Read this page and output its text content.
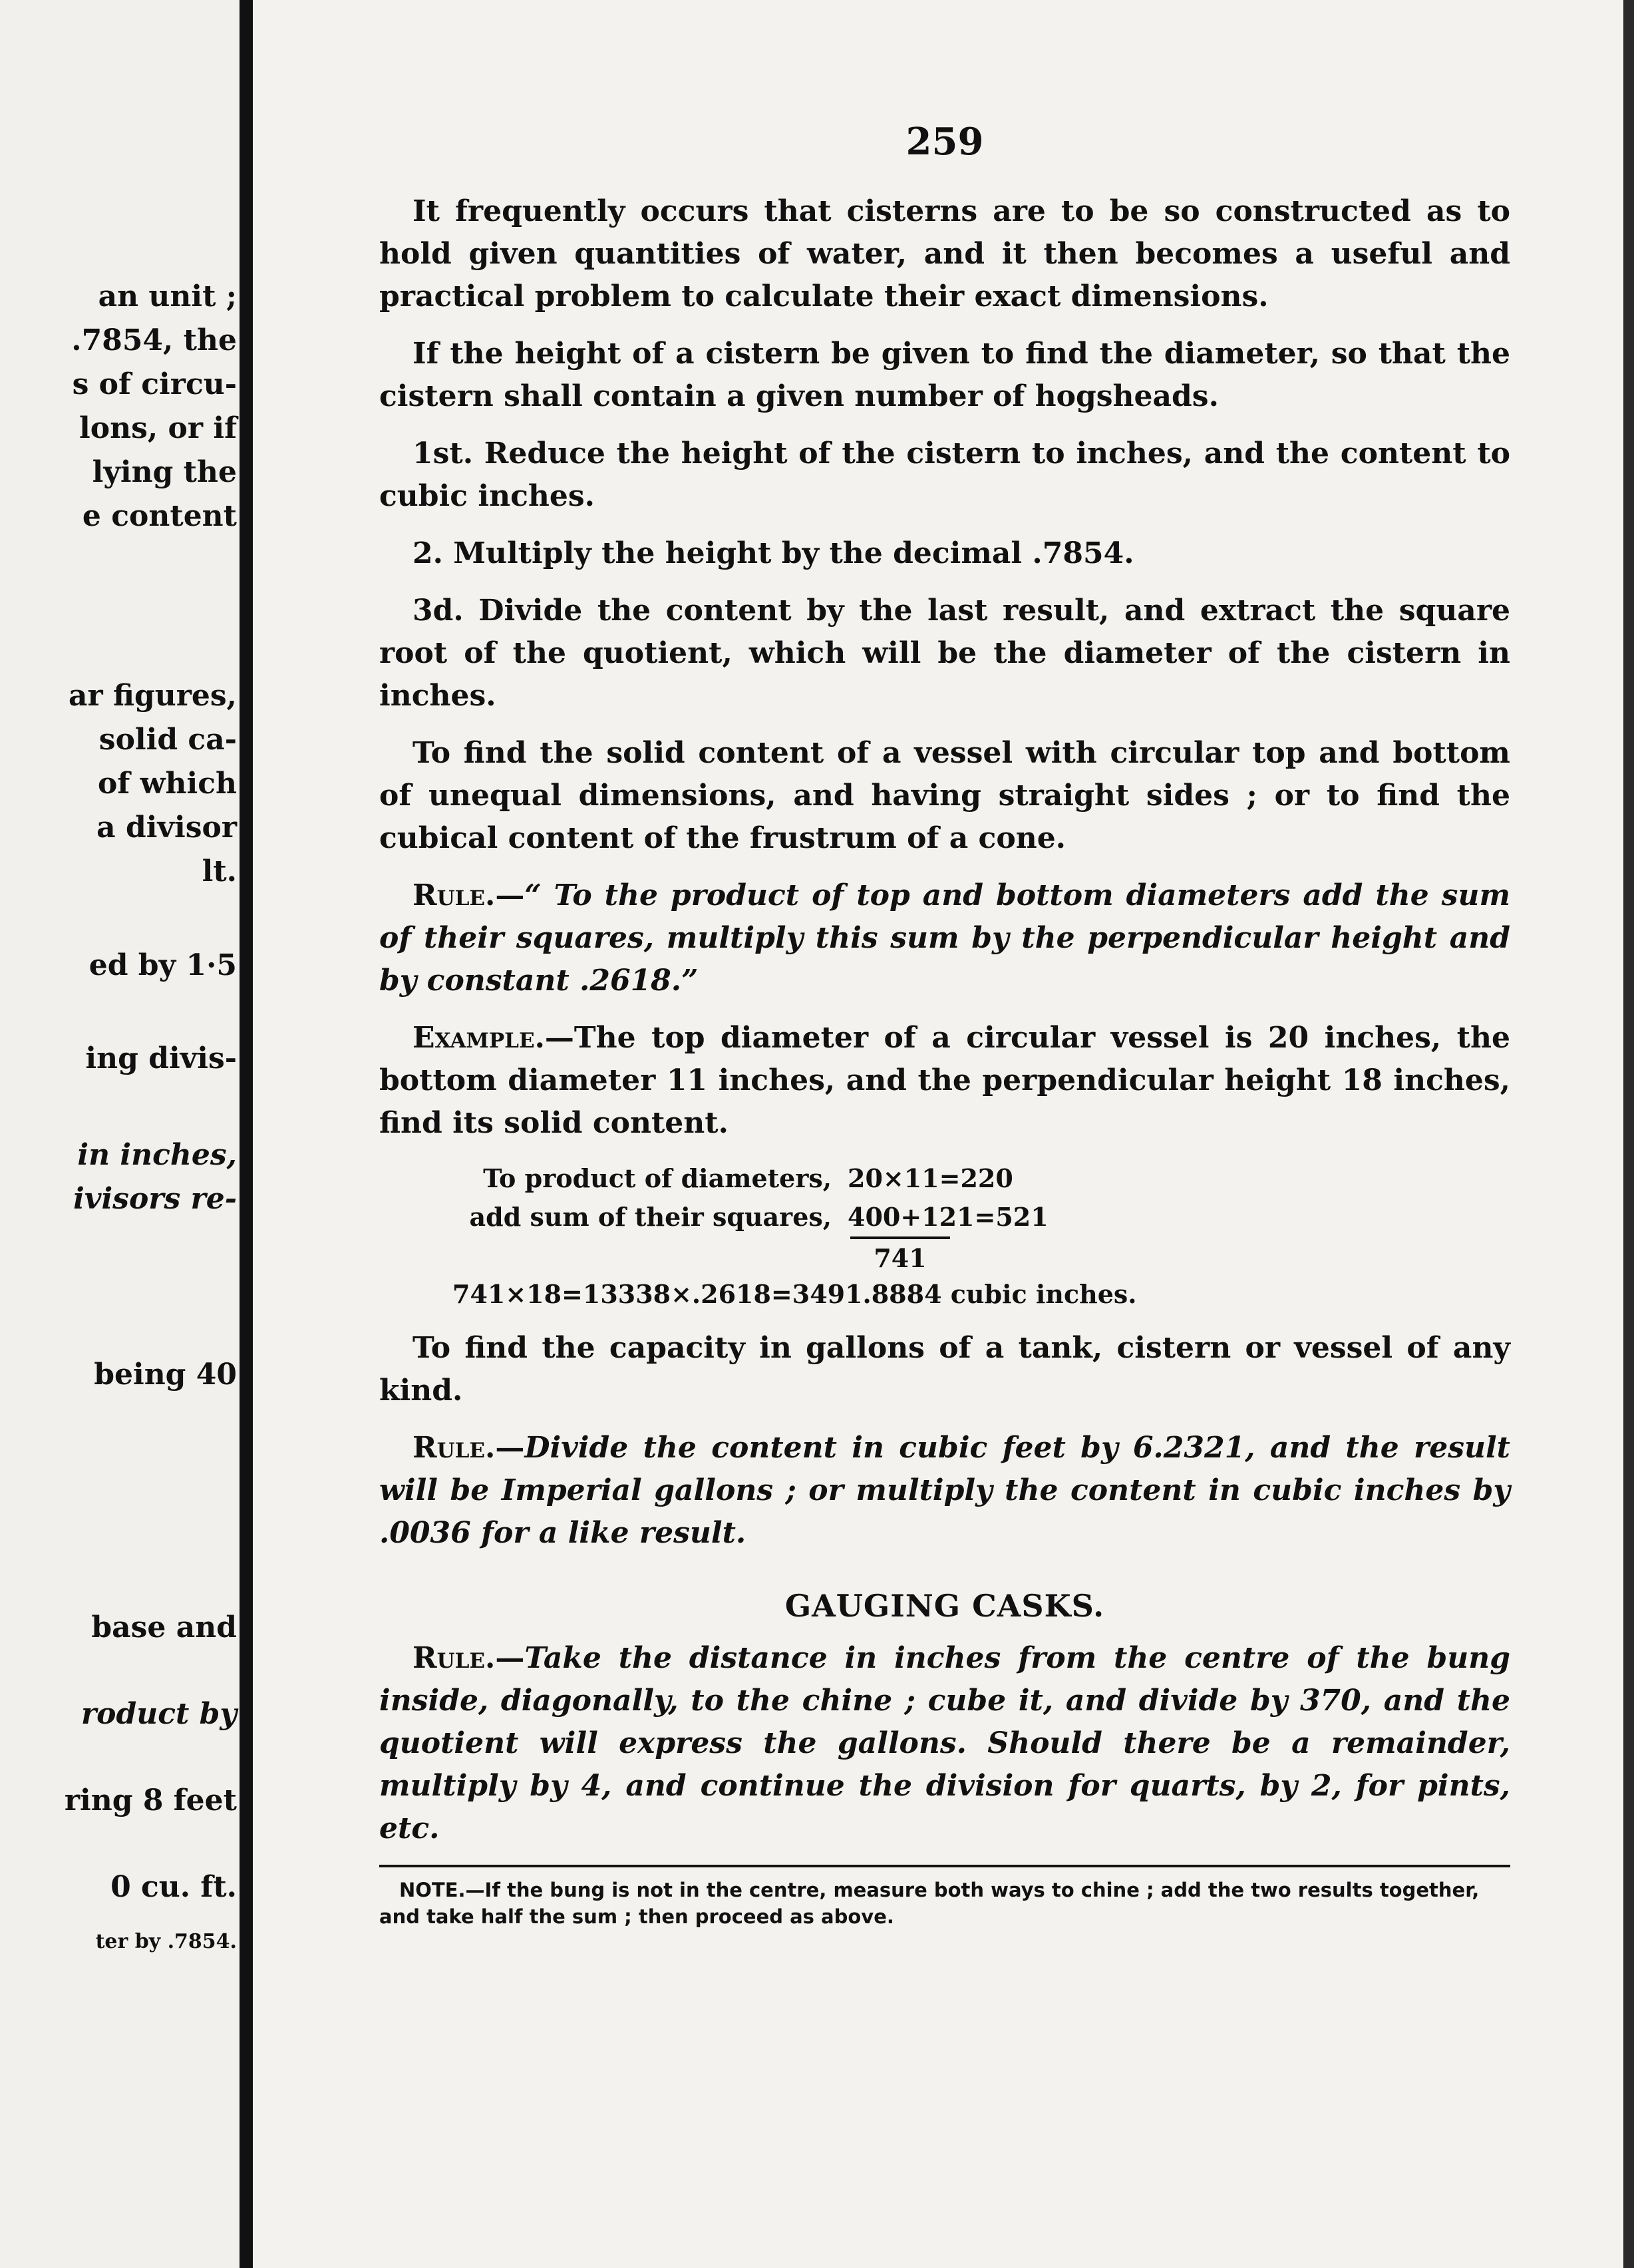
an unit ;
.7854, the
s of circu-
lons, or if
lying the
e content
ar figures,
solid ca-
of which
a divisor
lt.
ed by 1·5
ing divis-
in inches,
ivisors re-
being 40
base and
roduct by
ring 8 feet
0 cu. ft.
ter by .7854.
259

It frequently occurs that cisterns are to be so constructed as to hold given quantities of water, and it then becomes a useful and practical problem to calculate their exact dimensions.

If the height of a cistern be given to find the diameter, so that the cistern shall contain a given number of hogsheads.

1st. Reduce the height of the cistern to inches, and the content to cubic inches.

2. Multiply the height by the decimal .7854.

3d. Divide the content by the last result, and extract the square root of the quotient, which will be the diameter of the cistern in inches.

To find the solid content of a vessel with circular top and bottom of unequal dimensions, and having straight sides ; or to find the cubical content of the frustrum of a cone.

Rule.—“ To the product of top and bottom diameters add the sum of their squares, multiply this sum by the perpendicular height and by constant .2618.”

Example.—The top diameter of a circular vessel is 20 inches, the bottom diameter 11 inches, and the perpendicular height 18 inches, find its solid content.

To product of diameters, 20×11=220
add sum of their squares, 400+121=521
741
741×18=13338×.2618=3491.8884 cubic inches.

To find the capacity in gallons of a tank, cistern or vessel of any kind.

Rule.—Divide the content in cubic feet by 6.2321, and the result will be Imperial gallons ; or multiply the content in cubic inches by .0036 for a like result.

GAUGING CASKS.

Rule.—Take the distance in inches from the centre of the bung inside, diagonally, to the chine ; cube it, and divide by 370, and the quotient will express the gallons. Should there be a remainder, multiply by 4, and continue the division for quarts, by 2, for pints, etc.

NOTE.—If the bung is not in the centre, measure both ways to chine ; add the two results together, and take half the sum ; then proceed as above.
